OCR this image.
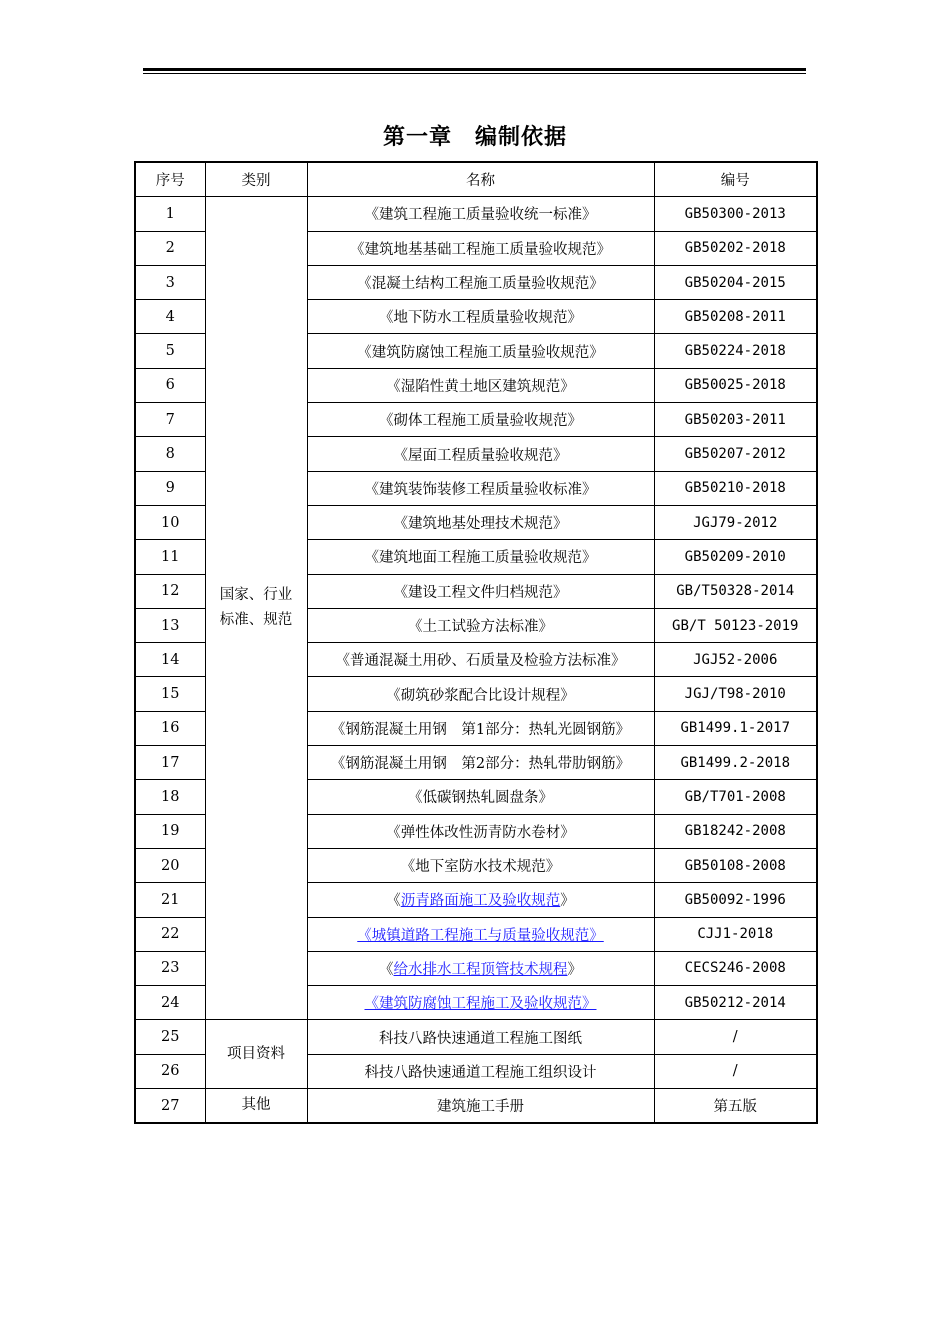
第一章　编制依据
序号	类别	名称	编号
1	国家、行业标准、规范	《建筑工程施工质量验收统一标准》	GB50300-2013
2		《建筑地基基础工程施工质量验收规范》	GB50202-2018
3		《混凝土结构工程施工质量验收规范》	GB50204-2015
4		《地下防水工程质量验收规范》	GB50208-2011
5		《建筑防腐蚀工程施工质量验收规范》	GB50224-2018
6		《湿陷性黄土地区建筑规范》	GB50025-2018
7		《砌体工程施工质量验收规范》	GB50203-2011
8		《屋面工程质量验收规范》	GB50207-2012
9		《建筑装饰装修工程质量验收标准》	GB50210-2018
10		《建筑地基处理技术规范》	JGJ79-2012
11		《建筑地面工程施工质量验收规范》	GB50209-2010
12		《建设工程文件归档规范》	GB/T50328-2014
13		《土工试验方法标准》	GB/T 50123-2019
14		《普通混凝土用砂、石质量及检验方法标准》	JGJ52-2006
15		《砌筑砂浆配合比设计规程》	JGJ/T98-2010
16		《钢筋混凝土用钢　第1部分：热轧光圆钢筋》	GB1499.1-2017
17		《钢筋混凝土用钢　第2部分：热轧带肋钢筋》	GB1499.2-2018
18		《低碳钢热轧圆盘条》	GB/T701-2008
19		《弹性体改性沥青防水卷材》	GB18242-2008
20		《地下室防水技术规范》	GB50108-2008
21		《沥青路面施工及验收规范》	GB50092-1996
22		《城镇道路工程施工与质量验收规范》	CJJ1-2018
23		《给水排水工程顶管技术规程》	CECS246-2008
24		《建筑防腐蚀工程施工及验收规范》	GB50212-2014
25	项目资料	科技八路快速通道工程施工图纸	/
26		科技八路快速通道工程施工组织设计	/
27	其他	建筑施工手册	第五版
